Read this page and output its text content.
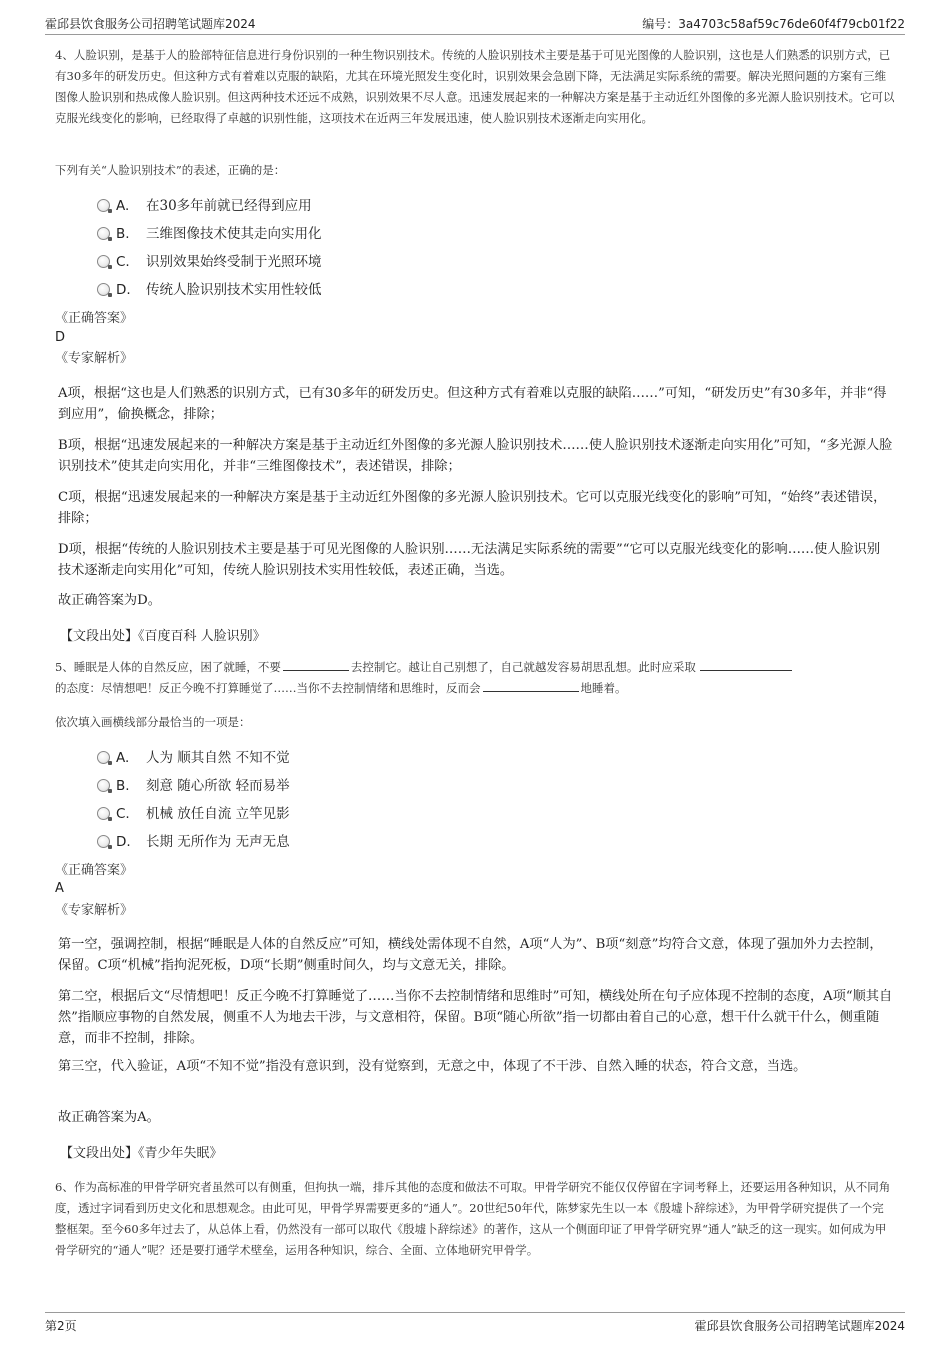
霍邱县饮食服务公司招聘笔试题库2024	编号：3a4703c58af59c76de60f4f79cb01f22

4、人脸识别，是基于人的脸部特征信息进行身份识别的一种生物识别技术。传统的人脸识别技术主要是基于可见光图像的人脸识别，这也是人们熟悉的识别方式，已有30多年的研发历史。但这种方式有着难以克服的缺陷，尤其在环境光照发生变化时，识别效果会急剧下降，无法满足实际系统的需要。解决光照问题的方案有三维图像人脸识别和热成像人脸识别。但这两种技术还远不成熟，识别效果不尽人意。迅速发展起来的一种解决方案是基于主动近红外图像的多光源人脸识别技术。它可以克服光线变化的影响，已经取得了卓越的识别性能，这项技术在近两三年发展迅速，使人脸识别技术逐渐走向实用化。

下列有关“人脸识别技术”的表述，正确的是：

A. 在30多年前就已经得到应用
B. 三维图像技术使其走向实用化
C. 识别效果始终受制于光照环境
D. 传统人脸识别技术实用性较低
《正确答案》
D
《专家解析》

A项，根据“这也是人们熟悉的识别方式，已有30多年的研发历史。但这种方式有着难以克服的缺陷……”可知，“研发历史”有30多年，并非“得到应用”，偷换概念，排除；

B项，根据“迅速发展起来的一种解决方案是基于主动近红外图像的多光源人脸识别技术……使人脸识别技术逐渐走向实用化”可知，“多光源人脸识别技术”使其走向实用化，并非“三维图像技术”，表述错误，排除；

C项，根据“迅速发展起来的一种解决方案是基于主动近红外图像的多光源人脸识别技术。它可以克服光线变化的影响”可知，“始终”表述错误，排除；

D项，根据“传统的人脸识别技术主要是基于可见光图像的人脸识别……无法满足实际系统的需要”“它可以克服光线变化的影响……使人脸识别技术逐渐走向实用化”可知，传统人脸识别技术实用性较低，表述正确，当选。

故正确答案为D。

【文段出处】《百度百科 人脸识别》

5、睡眠是人体的自然反应，困了就睡，不要	去控制它。越让自己别想了，自己就越发容易胡思乱想。此时应采取
的态度：尽情想吧！反正今晚不打算睡觉了……当你不去控制情绪和思维时，反而会	地睡着。

依次填入画横线部分最恰当的一项是：

A. 人为 顺其自然 不知不觉
B. 刻意 随心所欲 轻而易举
C. 机械 放任自流 立竿见影
D. 长期 无所作为 无声无息
《正确答案》
A
《专家解析》

第一空，强调控制，根据“睡眠是人体的自然反应”可知，横线处需体现不自然，A项“人为”、B项“刻意”均符合文意，体现了强加外力去控制，保留。C项“机械”指拘泥死板，D项“长期”侧重时间久，均与文意无关，排除。

第二空，根据后文“尽情想吧！反正今晚不打算睡觉了……当你不去控制情绪和思维时”可知，横线处所在句子应体现不控制的态度，A项“顺其自然”指顺应事物的自然发展，侧重不人为地去干涉，与文意相符，保留。B项“随心所欲”指一切都由着自己的心意，想干什么就干什么，侧重随意，而非不控制，排除。

第三空，代入验证，A项“不知不觉”指没有意识到，没有觉察到，无意之中，体现了不干涉、自然入睡的状态，符合文意，当选。

故正确答案为A。

【文段出处】《青少年失眠》

6、作为高标准的甲骨学研究者虽然可以有侧重，但拘执一端，排斥其他的态度和做法不可取。甲骨学研究不能仅仅停留在字词考释上，还要运用各种知识，从不同角度，透过字词看到历史文化和思想观念。由此可见，甲骨学界需要更多的“通人”。20世纪50年代，陈梦家先生以一本《殷墟卜辞综述》，为甲骨学研究提供了一个完整框架。至今60多年过去了，从总体上看，仍然没有一部可以取代《殷墟卜辞综述》的著作，这从一个侧面印证了甲骨学研究界“通人”缺乏的这一现实。如何成为甲骨学研究的“通人”呢？还是要打通学术壁垒，运用各种知识，综合、全面、立体地研究甲骨学。

第2页	霍邱县饮食服务公司招聘笔试题库2024
